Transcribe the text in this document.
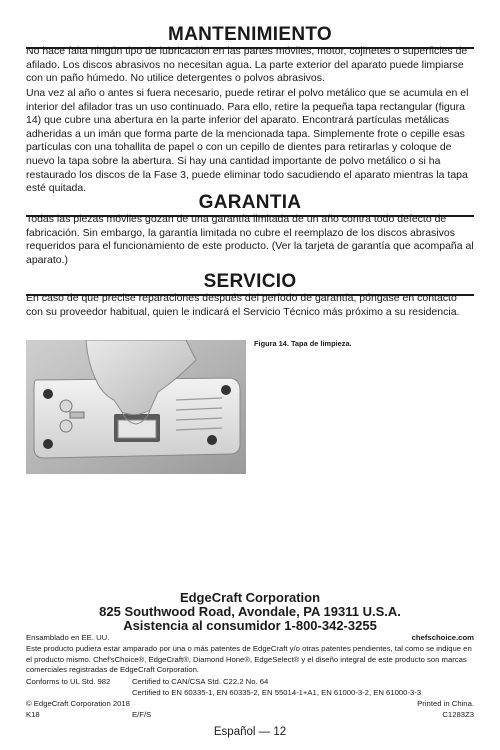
MANTENIMIENTO

No hace falta ningún tipo de lubricación en las partes móviles, motor, cojinetes o superficies de afilado. Los discos abrasivos no necesitan agua. La parte exterior del aparato puede limpiarse con un paño húmedo. No utilice detergentes o polvos abrasivos.

Una vez al año o antes si fuera necesario, puede retirar el polvo metálico que se acumula en el interior del afilador tras un uso continuado. Para ello, retire la pequeña tapa rectangular (figura 14) que cubre una abertura en la parte inferior del aparato. Encontrará partículas metálicas adheridas a un imán que forma parte de la mencionada tapa. Simplemente frote o cepille esas partículas con una tohallita de papel o con un cepillo de dientes para retirarlas y coloque de nuevo la tapa sobre la abertura. Si hay una cantidad importante de polvo metálico o si ha restaurado los discos de la Fase 3, puede eliminar todo sacudiendo el aparato mientras la tapa esté quitada.

GARANTIA

Todas las piezas móviles gozan de una garantía limitada de un año contra todo defecto de fabricación. Sin embargo, la garantía limitada no cubre el reemplazo de los discos abrasivos requeridos para el funcionamiento de este producto. (Ver la tarjeta de garantía que acompaña al aparato.)

SERVICIO

En caso de que precise reparaciones después del período de garantía, póngase en contacto con su proveedor habitual, quien le indicará el Servicio Técnico más próximo a su residencia.

Figura 14. Tapa de limpieza.
EdgeCraft Corporation
825 Southwood Road, Avondale, PA 19311 U.S.A.
Asistencia al consumidor 1-800-342-3255
Ensamblado en EE. UU.	chefschoice.com
Este producto pudiera estar amparado por una o más patentes de EdgeCraft y/o otras patentes pendientes, tal como se indique en el producto mismo. Chef'sChoice®, EdgeCraft®, Diamond Hone®, EdgeSelect® y el diseño integral de este producto son marcas comerciales registradas de EdgeCraft Corporation.
Conforms to UL Std. 982	Certified to CAN/CSA Std. C22.2 No. 64
Certified to EN 60335-1, EN 60335-2, EN 55014-1+A1, EN 61000-3-2, EN 61000-3-3
© EdgeCraft Corporation 2018	Printed in China.
K18	E/F/S	C1283Z3
Español — 12
